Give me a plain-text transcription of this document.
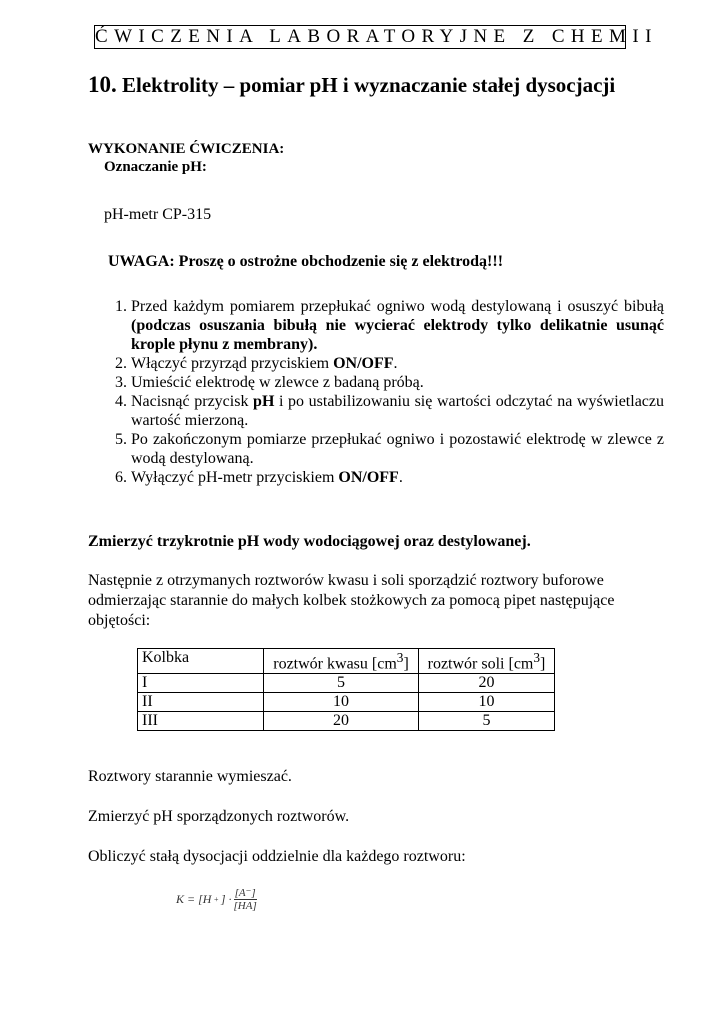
ĆWICZENIA LABORATORYJNE Z CHEMII
10. Elektrolity – pomiar pH i wyznaczanie stałej dysocjacji
WYKONANIE ĆWICZENIA:
Oznaczanie pH:
pH-metr CP-315
UWAGA: Proszę o ostrożne obchodzenie się z elektrodą!!!
1. Przed każdym pomiarem przepłukać ogniwo wodą destylowaną i osuszyć bibułą (podczas osuszania bibułą nie wycierać elektrody tylko delikatnie usunąć krople płynu z membrany).
2. Włączyć przyrząd przyciskiem ON/OFF.
3. Umieścić elektrodę w zlewce z badaną próbą.
4. Nacisnąć przycisk pH i po ustabilizowaniu się wartości odczytać na wyświetlaczu wartość mierzoną.
5. Po zakończonym pomiarze przepłukać ogniwo i pozostawić elektrodę w zlewce z wodą destylowaną.
6. Wyłączyć pH-metr przyciskiem ON/OFF.
Zmierzyć trzykrotnie pH wody wodociągowej oraz destylowanej.
Następnie z otrzymanych roztworów kwasu i soli sporządzić roztwory buforowe odmierzając starannie do małych kolbek stożkowych za pomocą pipet następujące objętości:
Kolbka	roztwór kwasu $[cm^3]$	roztwór soli $[cm^3]$
I	5	20
II	10	10
III	20	5
Roztwory starannie wymieszać.
Zmierzyć pH sporządzonych roztworów.
Obliczyć stałą dysocjacji oddzielnie dla każdego roztworu:
K = [H + ] · $\frac{[A^-]}{[HA]}$
